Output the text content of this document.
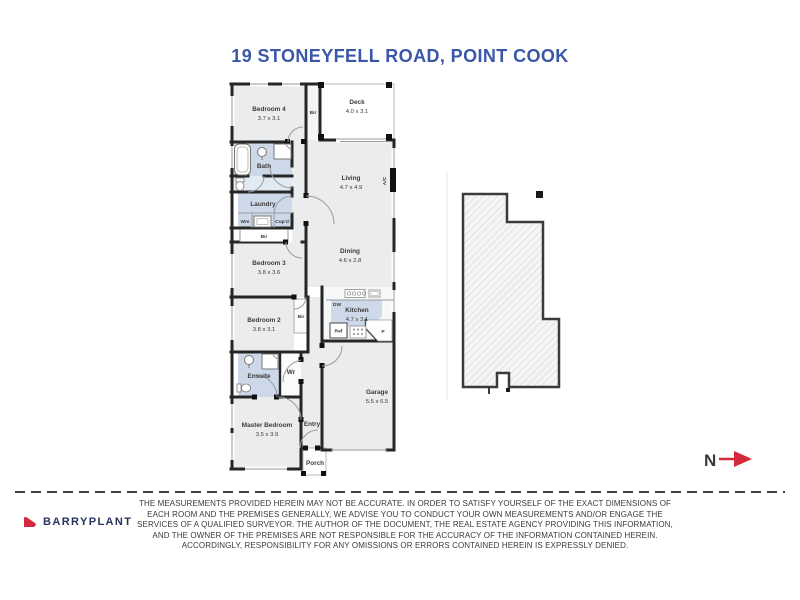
19 STONEYFELL ROAD, POINT COOK
Bedroom 4
3.7 x 3.1
Bir
Deck
4.0 x 3.1
Living
4.7 x 4.9
A/C
Bath
Laundry
Wm	Cup'd
Bir
Bedroom 3
3.8 x 3.6
Dining
4.6 x 2.8
Bedroom 2
3.8 x 3.1
Bir
DW
Kitchen
4.7 x 3.1
Ref	P
Garage
5.5 x 6.5
Ensuite
Wr
Master Bedroom
3.5 x 3.9
Entry
Porch	N
BARRYPLANT

THE MEASUREMENTS PROVIDED HEREIN MAY NOT BE ACCURATE. IN ORDER TO SATISFY YOURSELF OF THE EXACT DIMENSIONS OF EACH ROOM AND THE PREMISES GENERALLY, WE ADVISE YOU TO CONDUCT YOUR OWN MEASUREMENTS AND/OR ENGAGE THE SERVICES OF A QUALIFIED SURVEYOR. THE AUTHOR OF THE DOCUMENT, THE REAL ESTATE AGENCY PROVIDING THIS INFORMATION, AND THE OWNER OF THE PREMISES ARE NOT RESPONSIBLE FOR THE ACCURACY OF THE INFORMATION CONTAINED HEREIN. ACCORDINGLY, RESPONSIBILITY FOR ANY OMISSIONS OR ERRORS CONTAINED HEREIN IS EXPRESSLY DENIED.
